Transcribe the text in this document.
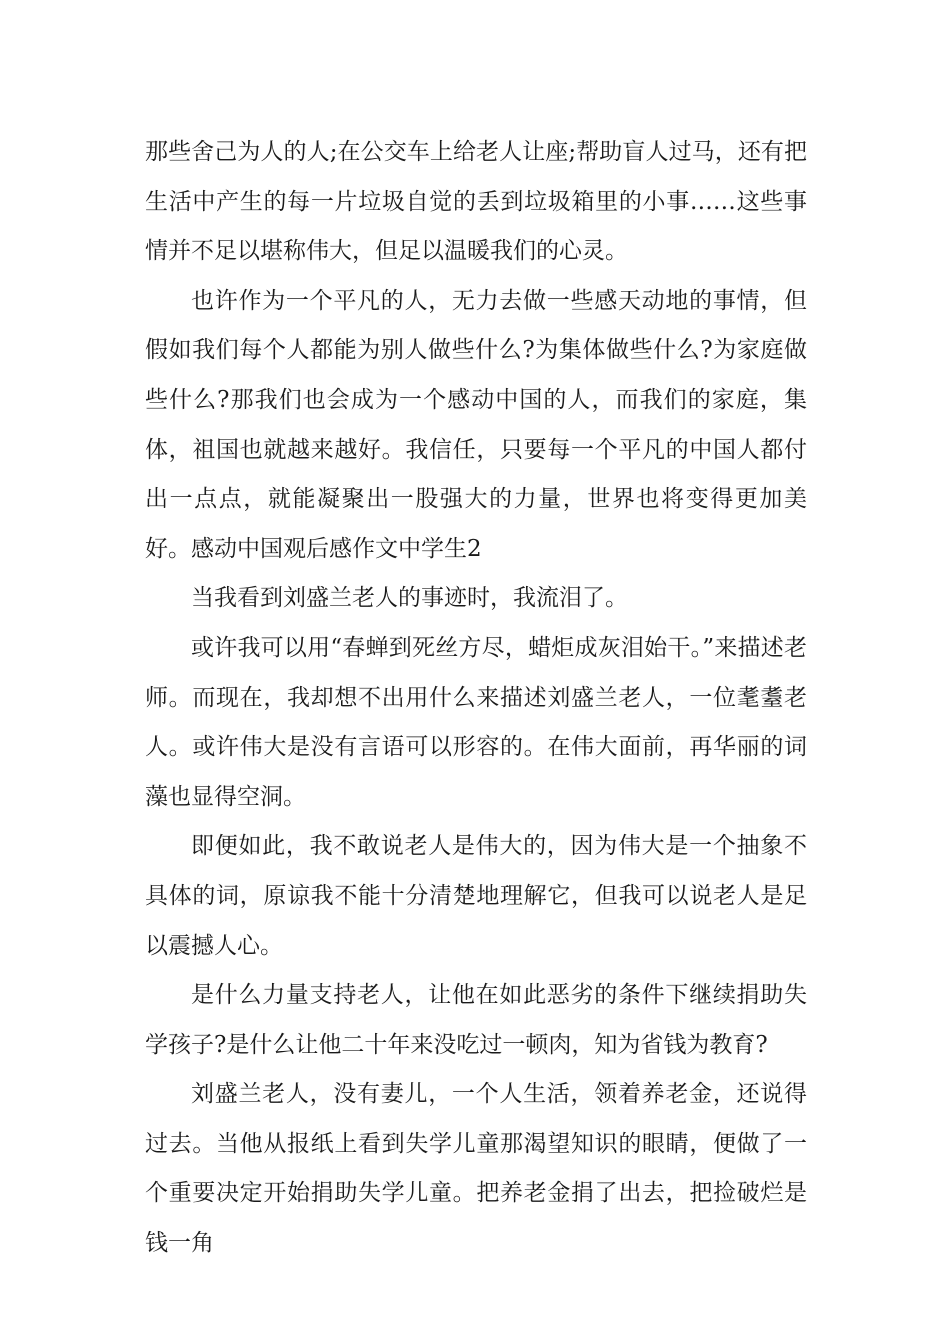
那些舍己为人的人;在公交车上给老人让座;帮助盲人过马，还有把生活中产生的每一片垃圾自觉的丢到垃圾箱里的小事……这些事情并不足以堪称伟大，但足以温暖我们的心灵。

也许作为一个平凡的人，无力去做一些感天动地的事情，但假如我们每个人都能为别人做些什么?为集体做些什么?为家庭做些什么?那我们也会成为一个感动中国的人，而我们的家庭，集体，祖国也就越来越好。我信任，只要每一个平凡的中国人都付出一点点，就能凝聚出一股强大的力量，世界也将变得更加美好。感动中国观后感作文中学生2

当我看到刘盛兰老人的事迹时，我流泪了。

或许我可以用“春蝉到死丝方尽，蜡炬成灰泪始干。”来描述老师。而现在，我却想不出用什么来描述刘盛兰老人，一位耄耋老人。或许伟大是没有言语可以形容的。在伟大面前，再华丽的词藻也显得空洞。

即便如此，我不敢说老人是伟大的，因为伟大是一个抽象不具体的词，原谅我不能十分清楚地理解它，但我可以说老人是足以震撼人心。

是什么力量支持老人，让他在如此恶劣的条件下继续捐助失学孩子?是什么让他二十年来没吃过一顿肉，知为省钱为教育?

刘盛兰老人，没有妻儿，一个人生活，领着养老金，还说得过去。当他从报纸上看到失学儿童那渴望知识的眼睛，便做了一个重要决定开始捐助失学儿童。把养老金捐了出去，把捡破烂是钱一角
